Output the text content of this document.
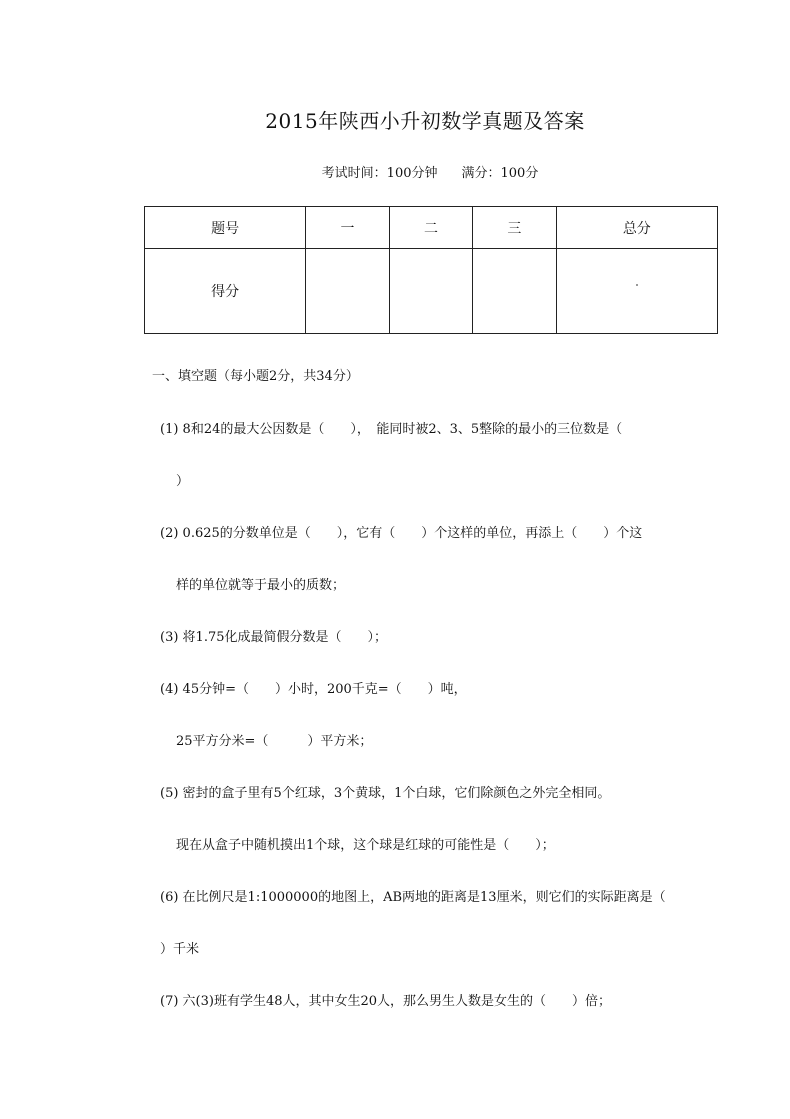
2015年陕西小升初数学真题及答案
考试时间：100分钟 满分：100分
题号	一	二	三	总分
得分				
一、填空题（每小题2分，共34分）
(1) 8和24的最大公因数是（　　），　能同时被2、3、5整除的最小的三位数是（
）
(2) 0.625的分数单位是（　　），它有（　　）个这样的单位，再添上（　　）个这
样的单位就等于最小的质数；
(3) 将1.75化成最简假分数是（　　）；
(4) 45分钟=（　　）小时，200千克=（　　）吨，
25平方分米=（　　　）平方米；
(5) 密封的盒子里有5个红球，3个黄球，1个白球，它们除颜色之外完全相同。
现在从盒子中随机摸出1个球，这个球是红球的可能性是（　　）；
(6) 在比例尺是1:1000000的地图上，AB两地的距离是13厘米，则它们的实际距离是（
）千米
(7) 六(3)班有学生48人，其中女生20人，那么男生人数是女生的（　　）倍；
